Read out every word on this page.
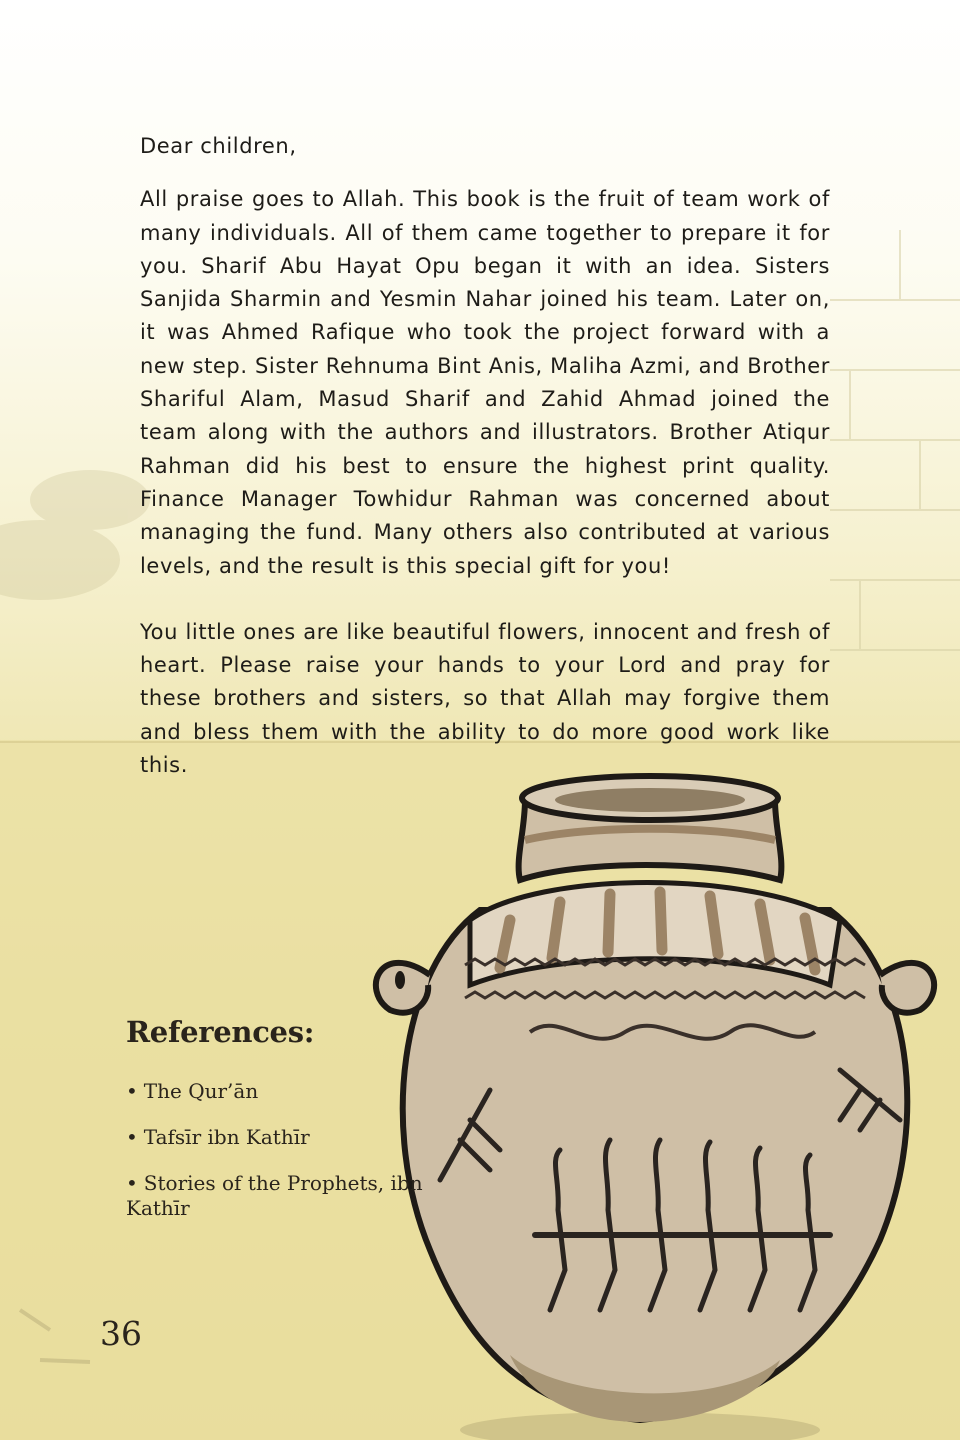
Dear children,

All praise goes to Allah. This book is the fruit of team work of many individuals. All of them came together to prepare it for you. Sharif Abu Hayat Opu began it with an idea. Sisters Sanjida Sharmin and Yesmin Nahar joined his team. Later on, it was Ahmed Rafique who took the project forward with a new step. Sister Rehnuma Bint Anis, Maliha Azmi, and Brother Shariful Alam, Masud Sharif and Zahid Ahmad joined the team along with the authors and illustrators. Brother Atiqur Rahman did his best to ensure the highest print quality. Finance Manager Towhidur Rahman was concerned about managing the fund. Many others also contributed at various levels, and the result is this special gift for you!

You little ones are like beautiful flowers, innocent and fresh of heart. Please raise your hands to your Lord and pray for these brothers and sisters, so that Allah may forgive them and bless them with the ability to do more good work like this.

References:

• The Qur’ān
• Tafsīr ibn Kathīr
• Stories of the Prophets, ibn Kathīr
36
